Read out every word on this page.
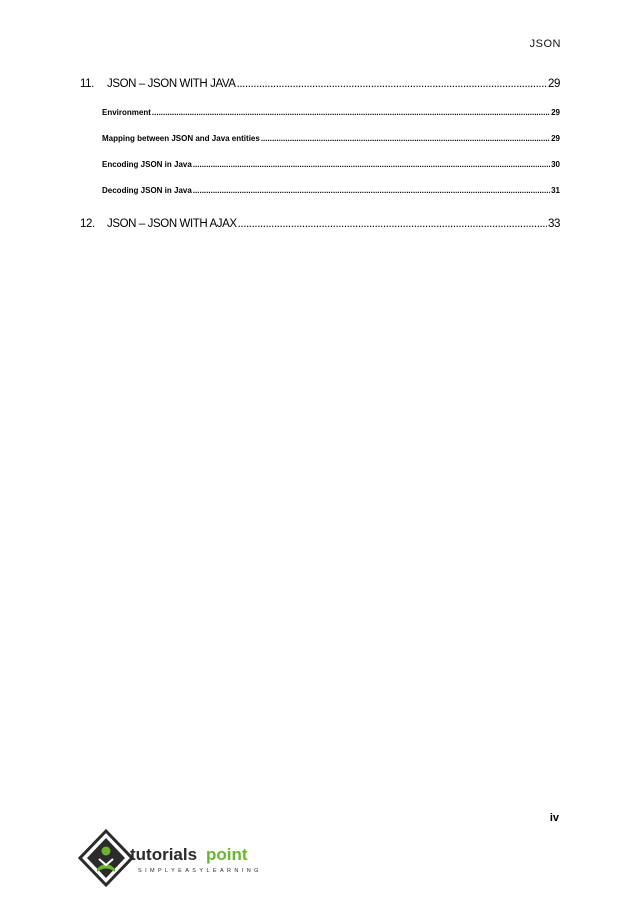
JSON
11. JSON – JSON WITH JAVA .....	29
Environment .....	29
Mapping between JSON and Java entities .....	29
Encoding JSON in Java .....	30
Decoding JSON in Java .....	31
12. JSON – JSON WITH AJAX .....	33
iv
tutorials point
SIMPLYEASYLEARNING
